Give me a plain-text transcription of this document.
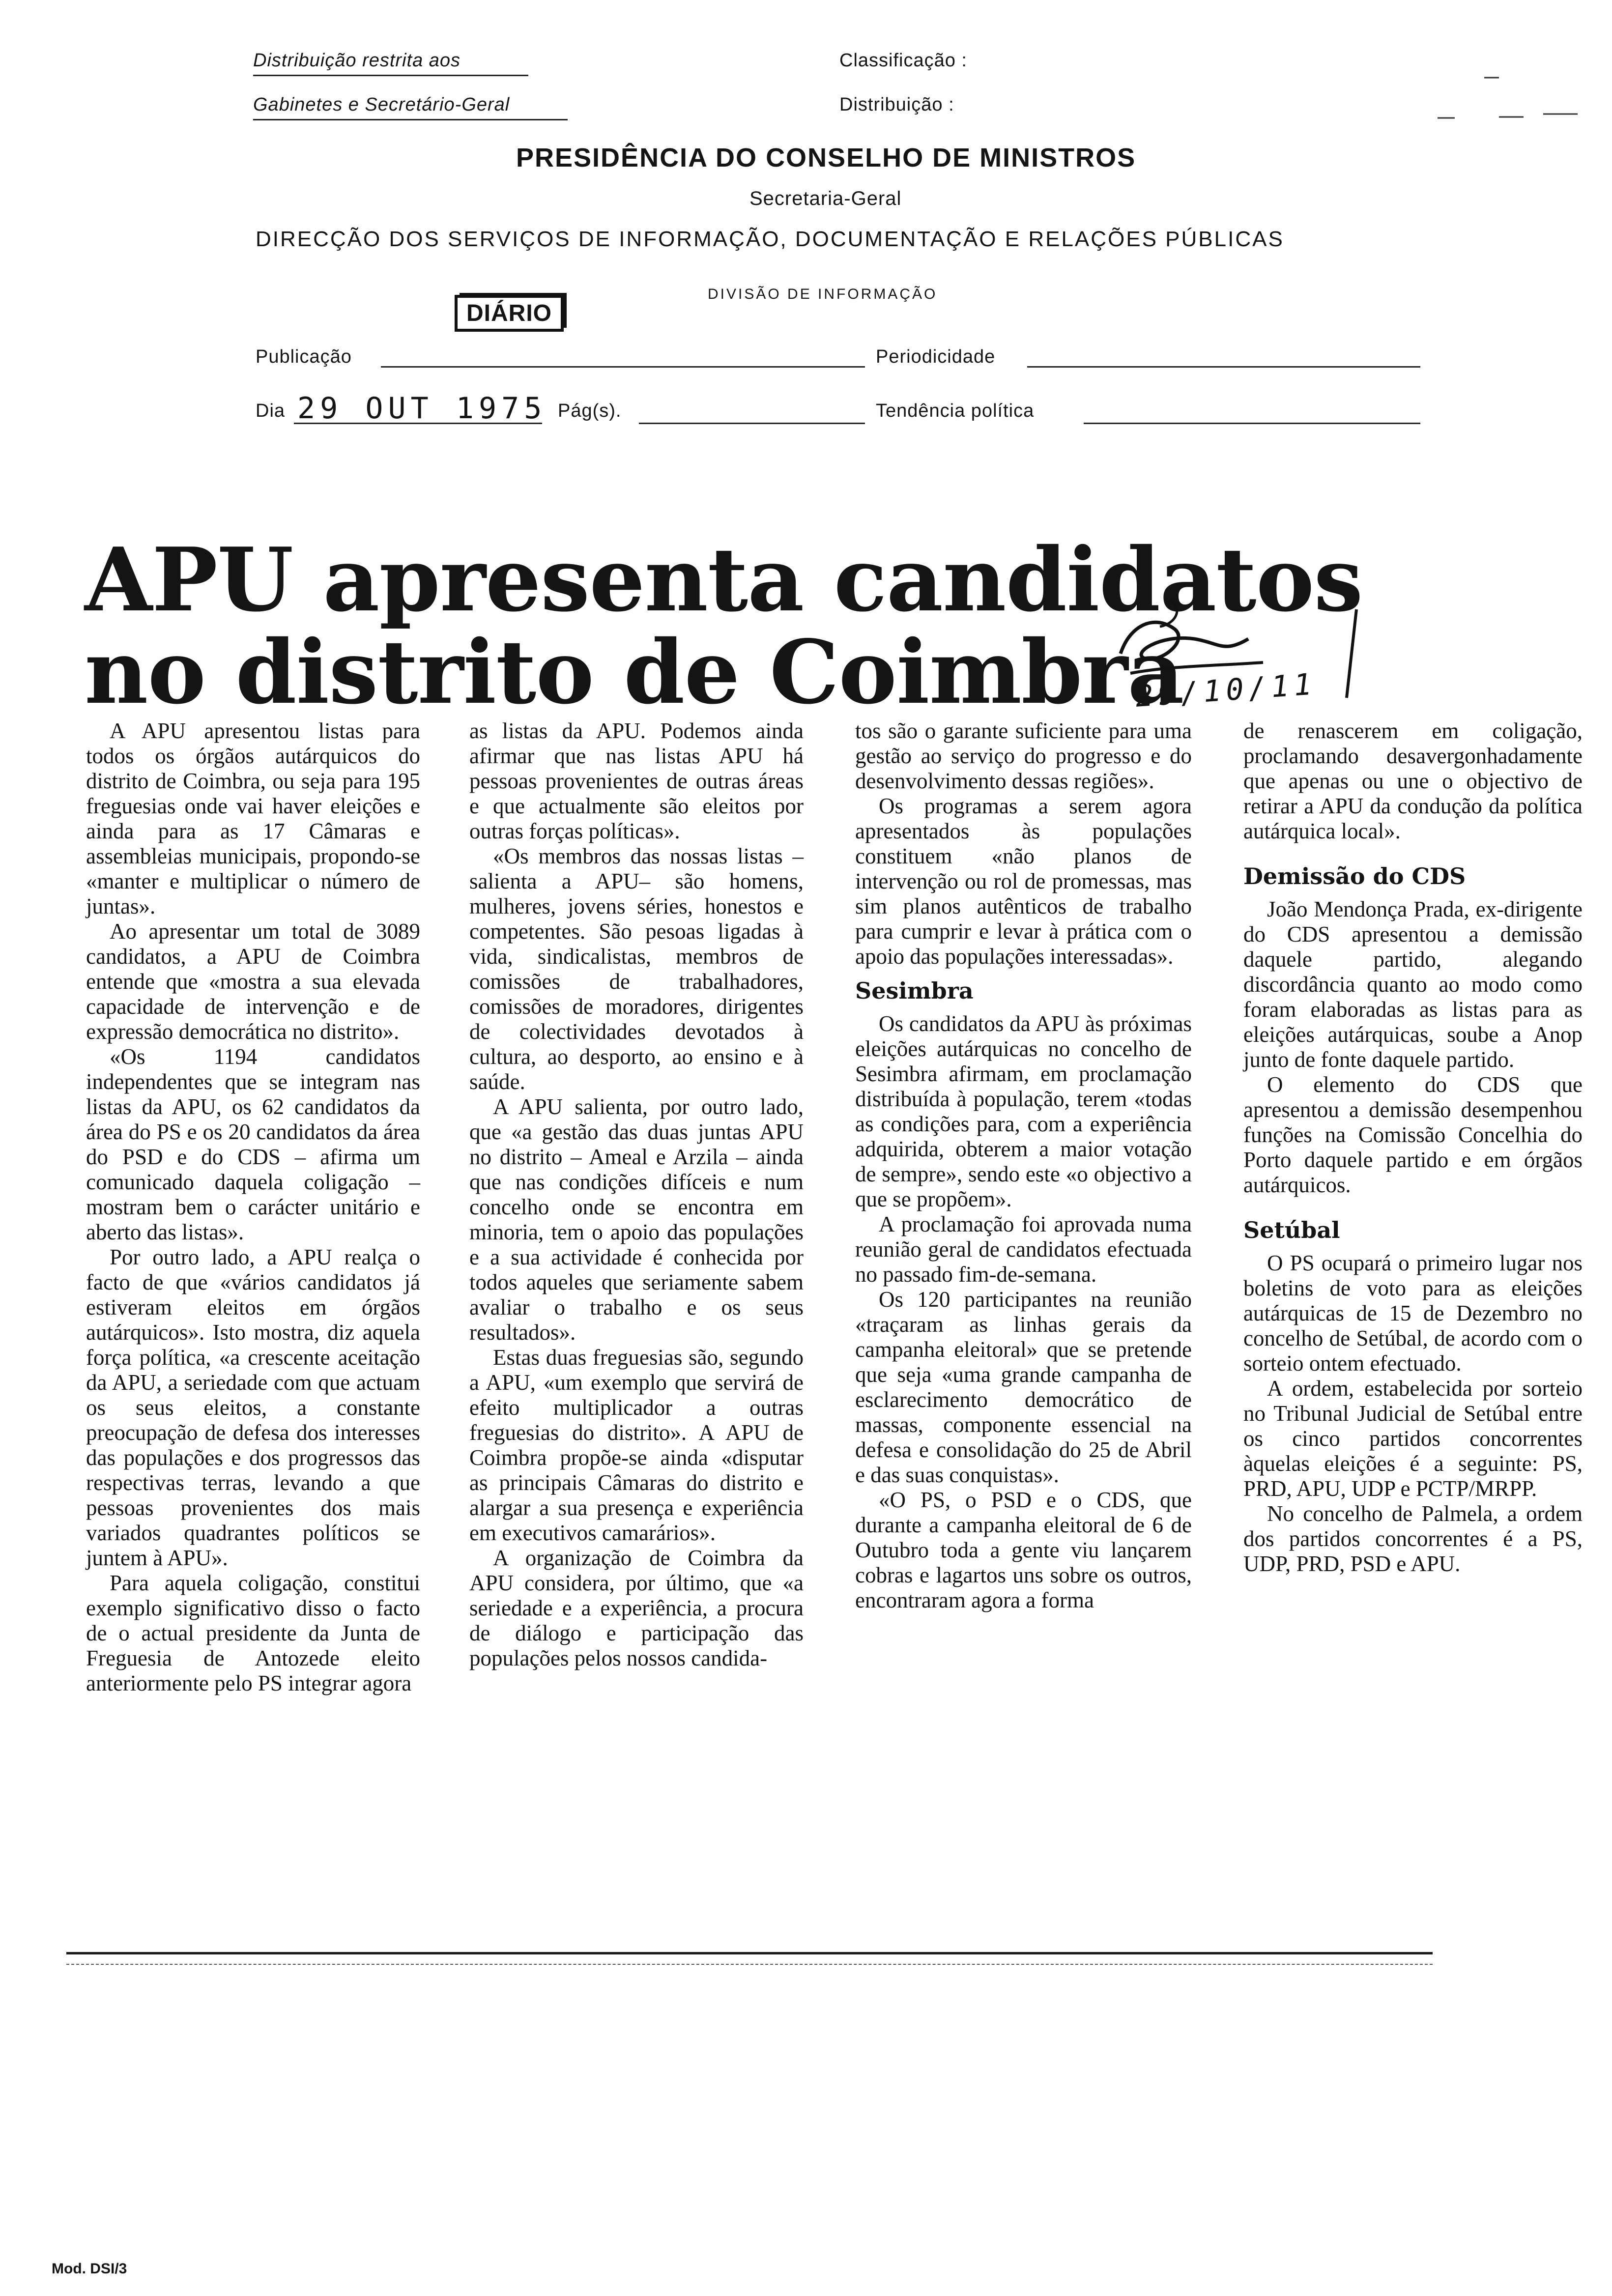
Distribuição restrita aos
Gabinetes e Secretário-Geral
Classificação :
Distribuição :
PRESIDÊNCIA DO CONSELHO DE MINISTROS
Secretaria-Geral
DIRECÇÃO DOS SERVIÇOS DE INFORMAÇÃO, DOCUMENTAÇÃO E RELAÇÕES PÚBLICAS
DIÁRIO
DIVISÃO DE INFORMAÇÃO
Publicação	Periodicidade
Dia 29 OUT 1975 Pág(s).	Tendência política
APU apresenta candidatos
no distrito de Coimbra
29/10/11

A APU apresentou listas para todos os órgãos autárquicos do distrito de Coimbra, ou seja para 195 freguesias onde vai haver eleições e ainda para as 17 Câmaras e assembleias municipais, propondo-se «manter e multiplicar o número de juntas».

Ao apresentar um total de 3089 candidatos, a APU de Coimbra entende que «mostra a sua elevada capacidade de intervenção e de expressão democrática no distrito».

«Os 1194 candidatos independentes que se integram nas listas da APU, os 62 candidatos da área do PS e os 20 candidatos da área do PSD e do CDS – afirma um comunicado daquela coligação – mostram bem o carácter unitário e aberto das listas».

Por outro lado, a APU realça o facto de que «vários candidatos já estiveram eleitos em órgãos autárquicos». Isto mostra, diz aquela força política, «a crescente aceitação da APU, a seriedade com que actuam os seus eleitos, a constante preocupação de defesa dos interesses das populações e dos progressos das respectivas terras, levando a que pessoas provenientes dos mais variados quadrantes políticos se juntem à APU».

Para aquela coligação, constitui exemplo significativo disso o facto de o actual presidente da Junta de Freguesia de Antozede eleito anteriormente pelo PS integrar agora

as listas da APU. Podemos ainda afirmar que nas listas APU há pessoas provenientes de outras áreas e que actualmente são eleitos por outras forças políticas».

«Os membros das nossas listas – salienta a APU– são homens, mulheres, jovens séries, honestos e competentes. São pesoas ligadas à vida, sindicalistas, membros de comissões de trabalhadores, comissões de moradores, dirigentes de colectividades devotados à cultura, ao desporto, ao ensino e à saúde.

A APU salienta, por outro lado, que «a gestão das duas juntas APU no distrito – Ameal e Arzila – ainda que nas condições difíceis e num concelho onde se encontra em minoria, tem o apoio das populações e a sua actividade é conhecida por todos aqueles que seriamente sabem avaliar o trabalho e os seus resultados».

Estas duas freguesias são, segundo a APU, «um exemplo que servirá de efeito multiplicador a outras freguesias do distrito». A APU de Coimbra propõe-se ainda «disputar as principais Câmaras do distrito e alargar a sua presença e experiência em executivos camarários».

A organização de Coimbra da APU considera, por último, que «a seriedade e a experiência, a procura de diálogo e participação das populações pelos nossos candida-

tos são o garante suficiente para uma gestão ao serviço do progresso e do desenvolvimento dessas regiões».

Os programas a serem agora apresentados às populações constituem «não planos de intervenção ou rol de promessas, mas sim planos autênticos de trabalho para cumprir e levar à prática com o apoio das populações interessadas».

Sesimbra

Os candidatos da APU às próximas eleições autárquicas no concelho de Sesimbra afirmam, em proclamação distribuída à população, terem «todas as condições para, com a experiência adquirida, obterem a maior votação de sempre», sendo este «o objectivo a que se propõem».

A proclamação foi aprovada numa reunião geral de candidatos efectuada no passado fim-de-semana.

Os 120 participantes na reunião «traçaram as linhas gerais da campanha eleitoral» que se pretende que seja «uma grande campanha de esclarecimento democrático de massas, componente essencial na defesa e consolidação do 25 de Abril e das suas conquistas».

«O PS, o PSD e o CDS, que durante a campanha eleitoral de 6 de Outubro toda a gente viu lançarem cobras e lagartos uns sobre os outros, encontraram agora a forma

de renascerem em coligação, proclamando desavergonhadamente que apenas ou une o objectivo de retirar a APU da condução da política autárquica local».

Demissão do CDS

João Mendonça Prada, ex-dirigente do CDS apresentou a demissão daquele partido, alegando discordância quanto ao modo como foram elaboradas as listas para as eleições autárquicas, soube a Anop junto de fonte daquele partido.

O elemento do CDS que apresentou a demissão desempenhou funções na Comissão Concelhia do Porto daquele partido e em órgãos autárquicos.

Setúbal

O PS ocupará o primeiro lugar nos boletins de voto para as eleições autárquicas de 15 de Dezembro no concelho de Setúbal, de acordo com o sorteio ontem efectuado.

A ordem, estabelecida por sorteio no Tribunal Judicial de Setúbal entre os cinco partidos concorrentes àquelas eleições é a seguinte: PS, PRD, APU, UDP e PCTP/MRPP.

No concelho de Palmela, a ordem dos partidos concorrentes é a PS, UDP, PRD, PSD e APU.

Mod. DSI/3
